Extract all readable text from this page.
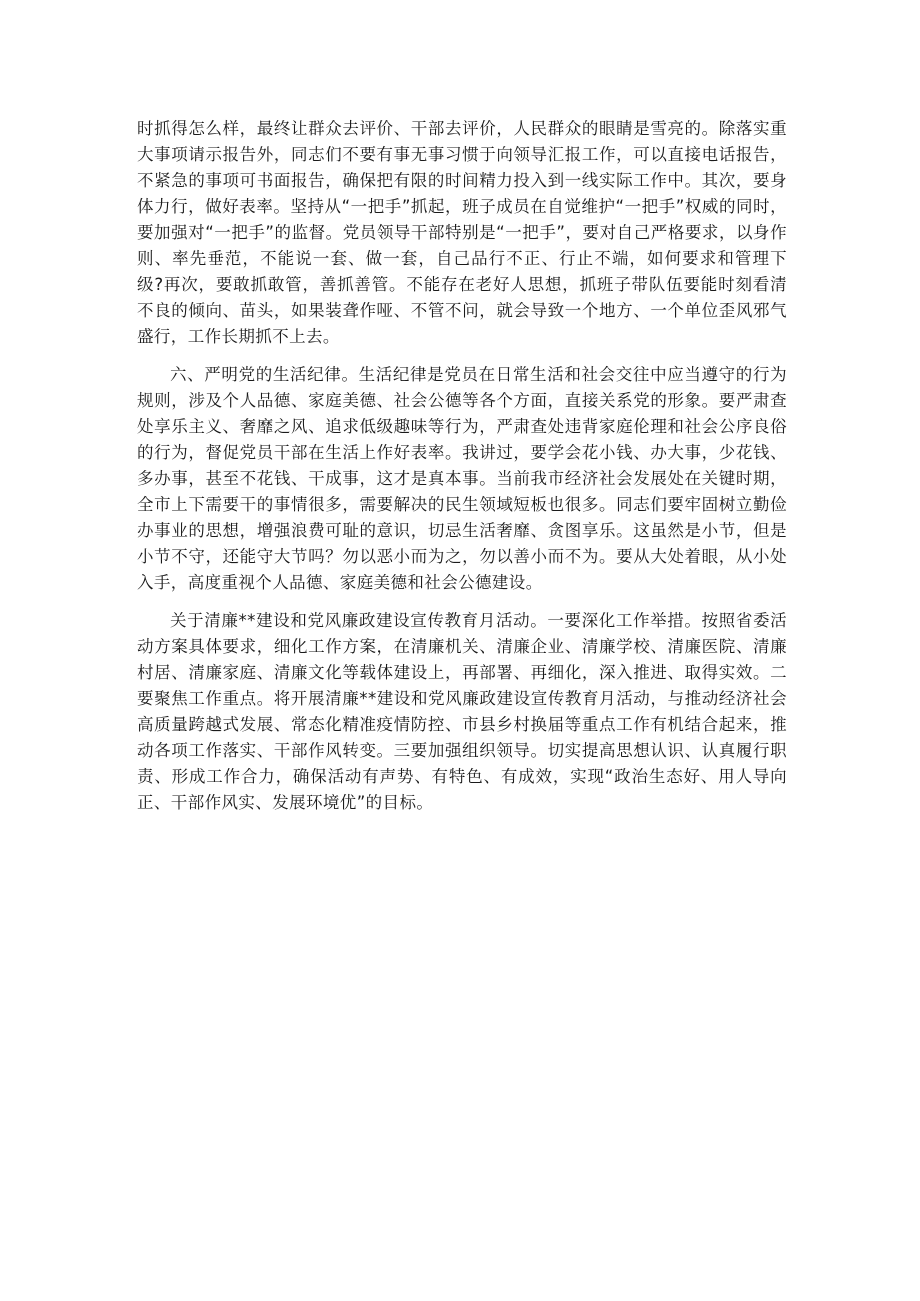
时抓得怎么样，最终让群众去评价、干部去评价，人民群众的眼睛是雪亮的。除落实重大事项请示报告外，同志们不要有事无事习惯于向领导汇报工作，可以直接电话报告，不紧急的事项可书面报告，确保把有限的时间精力投入到一线实际工作中。其次，要身体力行，做好表率。坚持从“一把手”抓起，班子成员在自觉维护“一把手”权威的同时，要加强对“一把手”的监督。党员领导干部特别是“一把手”，要对自己严格要求，以身作则、率先垂范，不能说一套、做一套，自己品行不正、行止不端，如何要求和管理下级?再次，要敢抓敢管，善抓善管。不能存在老好人思想，抓班子带队伍要能时刻看清不良的倾向、苗头，如果装聋作哑、不管不问，就会导致一个地方、一个单位歪风邪气盛行，工作长期抓不上去。

六、严明党的生活纪律。生活纪律是党员在日常生活和社会交往中应当遵守的行为规则，涉及个人品德、家庭美德、社会公德等各个方面，直接关系党的形象。要严肃查处享乐主义、奢靡之风、追求低级趣味等行为，严肃查处违背家庭伦理和社会公序良俗的行为，督促党员干部在生活上作好表率。我讲过，要学会花小钱、办大事，少花钱、多办事，甚至不花钱、干成事，这才是真本事。当前我市经济社会发展处在关键时期，全市上下需要干的事情很多，需要解决的民生领域短板也很多。同志们要牢固树立勤俭办事业的思想，增强浪费可耻的意识，切忌生活奢靡、贪图享乐。这虽然是小节，但是小节不守，还能守大节吗？勿以恶小而为之，勿以善小而不为。要从大处着眼，从小处入手，高度重视个人品德、家庭美德和社会公德建设。

关于清廉**建设和党风廉政建设宣传教育月活动。一要深化工作举措。按照省委活动方案具体要求，细化工作方案，在清廉机关、清廉企业、清廉学校、清廉医院、清廉村居、清廉家庭、清廉文化等载体建设上，再部署、再细化，深入推进、取得实效。二要聚焦工作重点。将开展清廉**建设和党风廉政建设宣传教育月活动，与推动经济社会高质量跨越式发展、常态化精准疫情防控、市县乡村换届等重点工作有机结合起来，推动各项工作落实、干部作风转变。三要加强组织领导。切实提高思想认识、认真履行职责、形成工作合力，确保活动有声势、有特色、有成效，实现“政治生态好、用人导向正、干部作风实、发展环境优”的目标。
